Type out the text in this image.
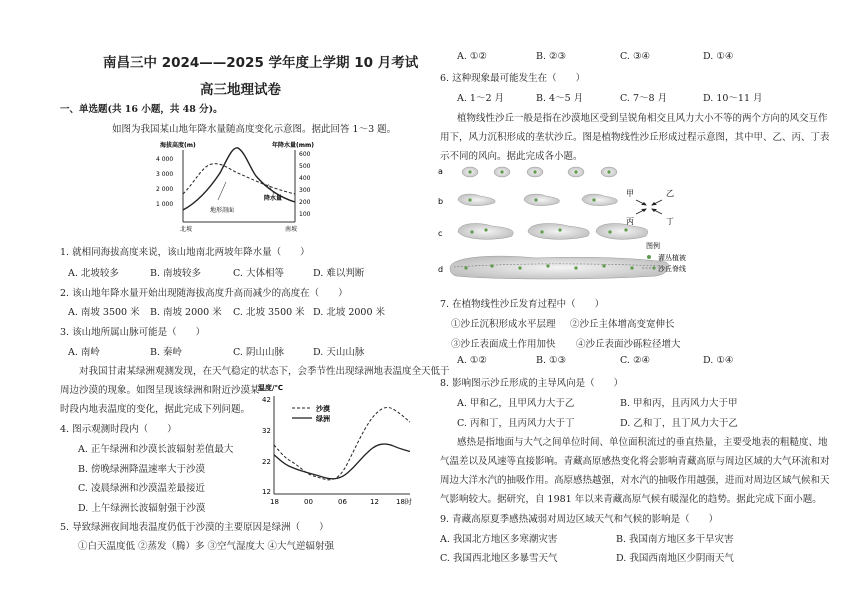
南昌三中 2024——2025 学年度上学期 10 月考试
高三地理试卷
一、单选题(共 16 小题，共 48 分)。
如图为我国某山地年降水量随高度变化示意图。据此回答 1～3 题。
海拔高度(m)	年降水量(mm)
4 000
3 000
2 000
1 000
600
500
400
300
200
100
北坡	南坡
地形剖面
降水量
1. 就相同海拔高度来说，该山地南北两坡年降水量（　　）
A. 北坡较多	B. 南坡较多	C. 大体相等	D. 难以判断
2. 该山地年降水量开始出现随海拔高度升高而减少的高度在（　　）
A. 南坡 3500 米 B. 南坡 2000 米 C. 北坡 3500 米 D. 北坡 2000 米
3. 该山地所属山脉可能是（　　）
A. 南岭	B. 秦岭	C. 阴山山脉	D. 天山山脉
对我国甘肃某绿洲观测发现，在天气稳定的状态下，会季节性出现绿洲地表温度全天低于
周边沙漠的现象。如图呈现该绿洲和附近沙漠某
时段内地表温度的变化，据此完成下列问题。
温度/℃
42
32
22
12
18	00	06	12 18时
沙漠
绿洲
4. 图示观测时段内（　　）
A. 正午绿洲和沙漠长波辐射差值最大
B. 傍晚绿洲降温速率大于沙漠
C. 凌晨绿洲和沙漠温差最接近
D. 上午绿洲长波辐射强于沙漠
5. 导致绿洲夜间地表温度仍低于沙漠的主要原因是绿洲（　　）
①白天温度低 ②蒸发（腾）多 ③空气湿度大 ④大气逆辐射强
A. ①②	B. ②③	C. ③④	D. ①④
6. 这种现象最可能发生在（　　）
A. 1～2 月	B. 4～5 月	C. 7～8 月	D. 10～11 月
植物线性沙丘一般是指在沙漠地区受到呈锐角相交且风力大小不等的两个方向的风交互作
用下，风力沉积形成的垄状沙丘。图是植物线性沙丘形成过程示意图，其中甲、乙、丙、丁表
示不同的风向。据此完成各小题。
a
b
c
d
甲	乙
丙	丁
图例
灌丛植被
沙丘脊线
7. 在植物线性沙丘发育过程中（　　）
①沙丘沉积形成水平层理 ②沙丘主体增高变宽伸长
③沙丘表面成土作用加快 ④沙丘表面沙砾粒径增大
A. ①②	B. ①③	C. ②④	D. ①④
8. 影响图示沙丘形成的主导风向是（　　）
A. 甲和乙，且甲风力大于乙	B. 甲和丙，且丙风力大于甲
C. 丙和丁，且丙风力大于丁	D. 乙和丁，且丁风力大于乙
感热是指地面与大气之间单位时间、单位面积流过的垂直热量，主要受地表的粗糙度、地
气温差以及风速等直接影响。青藏高原感热变化将会影响青藏高原与周边区域的大气环流和对
周边大洋水汽的抽吸作用。高原感热越强，对水汽的抽吸作用越强，进而对周边区域气候和天
气影响较大。据研究，自 1981 年以来青藏高原气候有暖湿化的趋势。据此完成下面小题。
9. 青藏高原夏季感热减弱对周边区域天气和气候的影响是（　　）
A. 我国北方地区多寒潮灾害	B. 我国南方地区多干旱灾害
C. 我国西北地区多暴雪天气	D. 我国西南地区少阴雨天气
